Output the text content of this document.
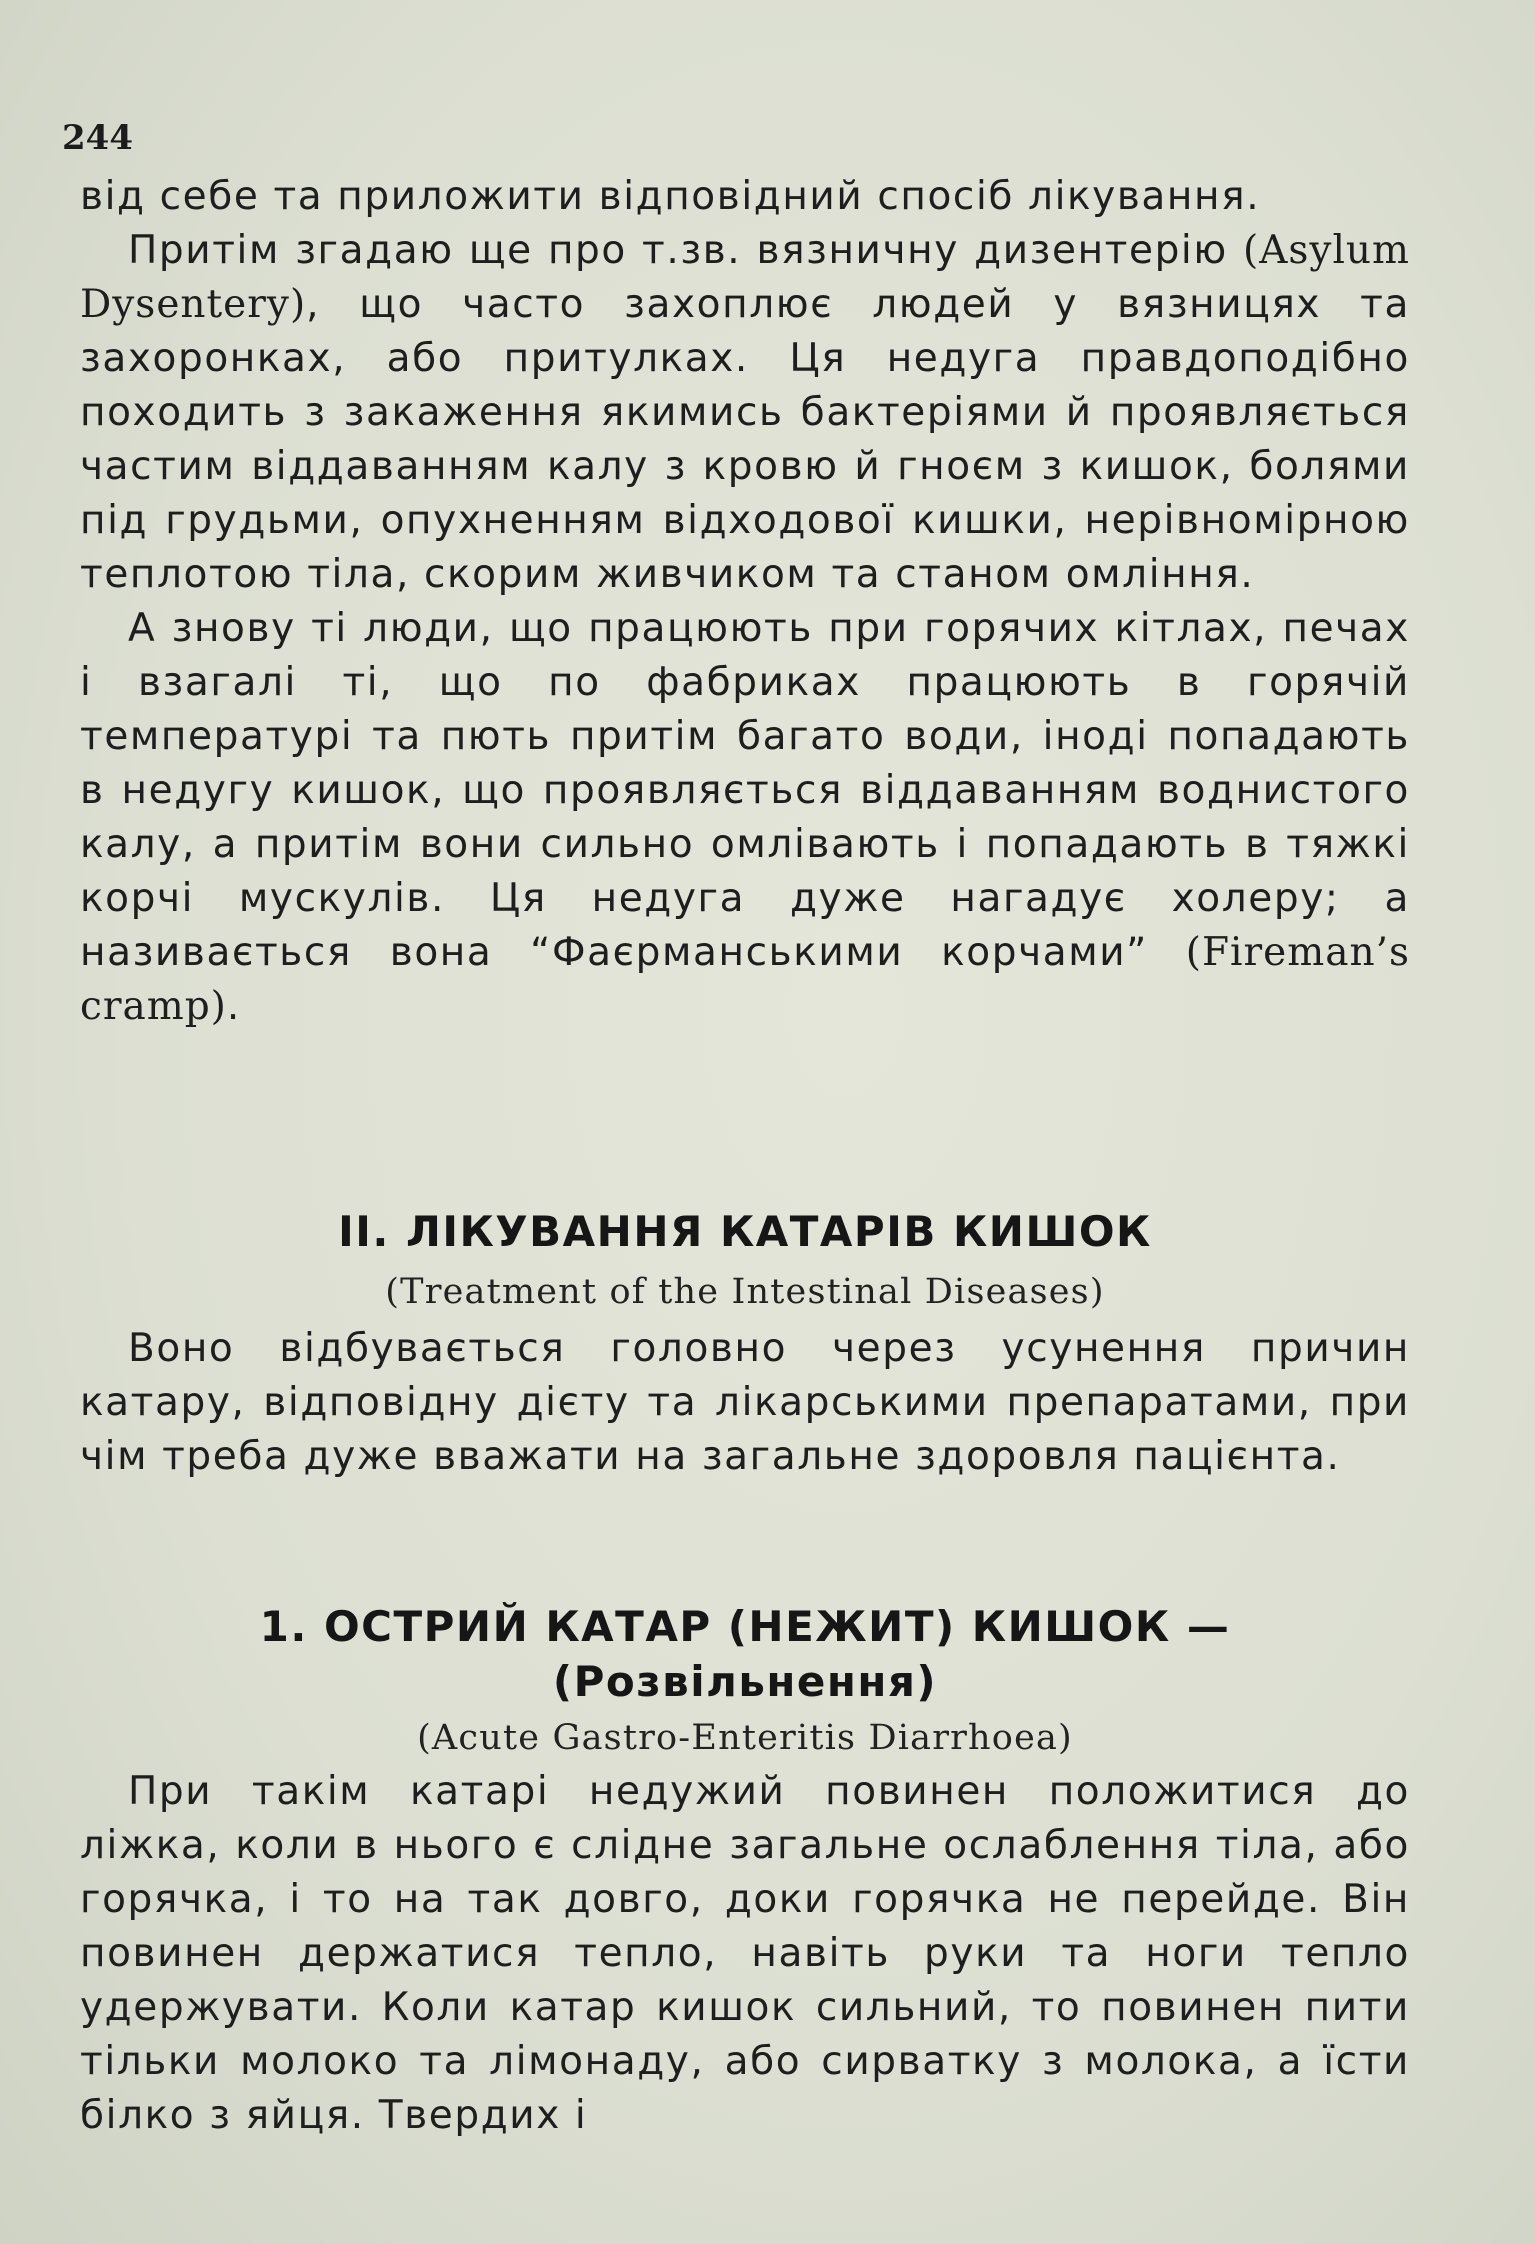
244

від себе та приложити відповідний спосіб лікування.

Притім згадаю ще про т.зв. вязничну дизентерію (Asylum Dysentery), що часто захоплює людей у вязницях та захоронках, або притулках. Ця недуга правдоподібно походить з закаження якимись бактеріями й проявляється частим віддаванням калу з кровю й гноєм з кишок, болями під грудьми, опухненням відходової кишки, нерівномірною теплотою тіла, скорим живчиком та станом омління.

А знову ті люди, що працюють при горячих кітлах, печах і взагалі ті, що по фабриках працюють в горячій температурі та пють притім багато води, іноді попадають в недугу кишок, що проявляється віддаванням воднистого калу, а притім вони сильно омлівають і попадають в тяжкі корчі мускулів. Ця недуга дуже нагадує холеру; а називається вона “Фаєрманськими корчами” (Fireman’s cramp).

II. ЛІКУВАННЯ КАТАРІВ КИШОК
(Treatment of the Intestinal Diseases)

Воно відбувається головно через усунення причин катару, відповідну дієту та лікарськими препаратами, при чім треба дуже вважати на загальне здоровля пацієнта.

1. ОСТРИЙ КАТАР (НЕЖИТ) КИШОК —
(Розвільнення)
(Acute Gastro-Enteritis Diarrhoea)

При такім катарі недужий повинен положитися до ліжка, коли в нього є слідне загальне ослаблення тіла, або горячка, і то на так довго, доки горячка не перейде. Він повинен держатися тепло, навіть руки та ноги тепло удержувати. Коли катар кишок сильний, то повинен пити тільки молоко та лімонаду, або сирватку з молока, а їсти білко з яйця. Твердих і
